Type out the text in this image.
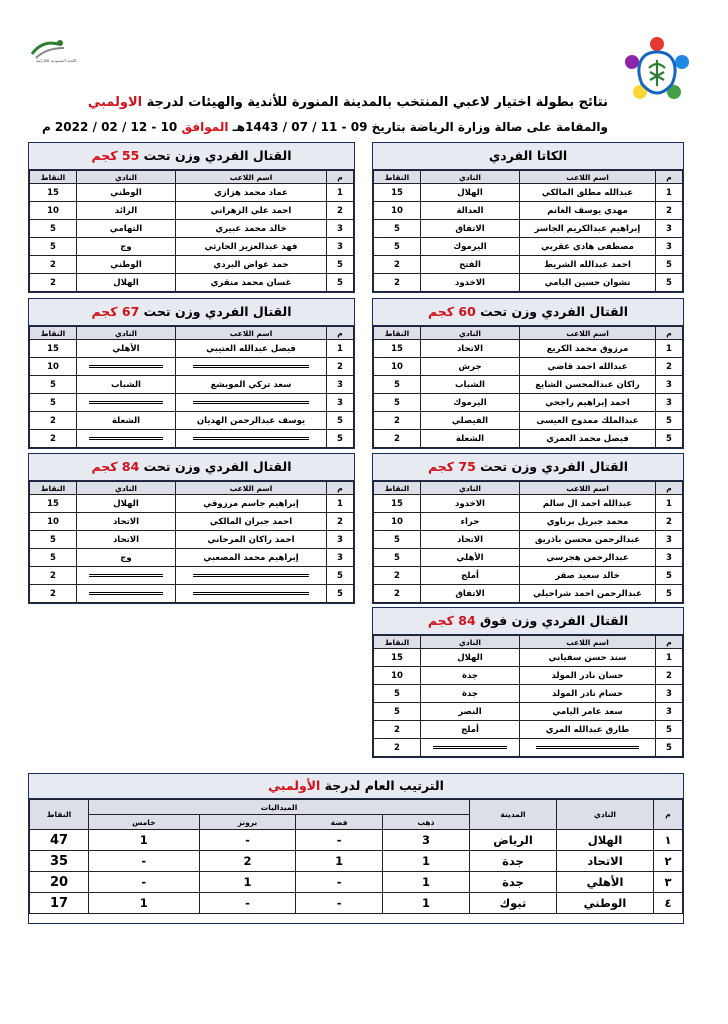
اللجنة السعودية للكاراتيه
نتائج بطولة اختيار لاعبي المنتخب بالمدينة المنورة للأندية والهيئات لدرجة الاولمبي
والمقامة على صالة وزارة الرياضة بتاريخ 09 - 11 / 07 / 1443هـ الموافق 10 - 12 / 02 / 2022 م
الكاتا الفردي
م	اسم اللاعب	النادي	النقاط
1	عبدالله مطلق المالكي	الهلال	15
2	مهدي يوسف الغانم	العدالة	10
3	إبراهيم عبدالكريم الجاسر	الاتفاق	5
3	مصطفى هادي عقربي	اليرموك	5
5	احمد عبدالله الشريط	الفتح	2
5	نشوان حسين اليامي	الاخدود	2
القتال الفردي وزن تحت 55 كجم
م	اسم اللاعب	النادي	النقاط
1	عماد محمد هزازي	الوطني	15
2	احمد علي الزهراني	الرائد	10
3	خالد محمد عبيري	التهامي	5
3	فهد عبدالعزيز الحارثي	وج	5
5	حمد عواض البردي	الوطني	2
5	غسان محمد منقري	الهلال	2
القتال الفردي وزن تحت 60 كجم
م	اسم اللاعب	النادي	النقاط
1	مرزوق محمد الكريع	الاتحاد	15
2	عبدالله احمد قاضي	جرش	10
3	راكان عبدالمحسن الشايع	الشباب	5
3	احمد إبراهيم راجحي	اليرموك	5
5	عبدالملك ممدوح العيسى	الفيصلي	2
5	فيصل محمد العمري	الشعلة	2
القتال الفردي وزن تحت 67 كجم
م	اسم اللاعب	النادي	النقاط
1	فيصل عبدالله العتيبي	الأهلي	15
2			10
3	سعد تركي المويشع	الشباب	5
3			5
5	يوسف عبدالرحمن الهديان	الشعلة	2
5			2
القتال الفردي وزن تحت 75 كجم
م	اسم اللاعب	النادي	النقاط
1	عبدالله احمد ال سالم	الاخدود	15
2	محمد جبريل برناوي	حراء	10
3	عبدالرحمن محسن باذريق	الاتحاد	5
3	عبدالرحمن هجرسي	الأهلي	5
5	خالد سعيد صقر	أملج	2
5	عبدالرحمن احمد شراحيلي	الاتفاق	2
القتال الفردي وزن تحت 84 كجم
م	اسم اللاعب	النادي	النقاط
1	إبراهيم جاسم مرزوقي	الهلال	15
2	احمد جبران المالكي	الاتحاد	10
3	احمد راكان المرحاني	الاتحاد	5
3	إبراهيم محمد المصعبي	وج	5
5			2
5			2
القتال الفردي وزن فوق 84 كجم
م	اسم اللاعب	النادي	النقاط
1	سند حسن سفياني	الهلال	15
2	حسان نادر المولد	جدة	10
3	حسام نادر المولد	جدة	5
3	سعد عامر اليامي	النصر	5
5	طارق عبدالله المري	أملج	2
5			2
الترتيب العام لدرجة الأولمبي
م	النادي	المدينة	الميداليات				النقاط
			ذهب	فضة	برونز	خامس	
١	الهلال	الرياض	3	-	-	1	47
٢	الاتحاد	جدة	1	1	2	-	35
٣	الأهلي	جدة	1	-	1	-	20
٤	الوطني	تبوك	1	-	-	1	17
